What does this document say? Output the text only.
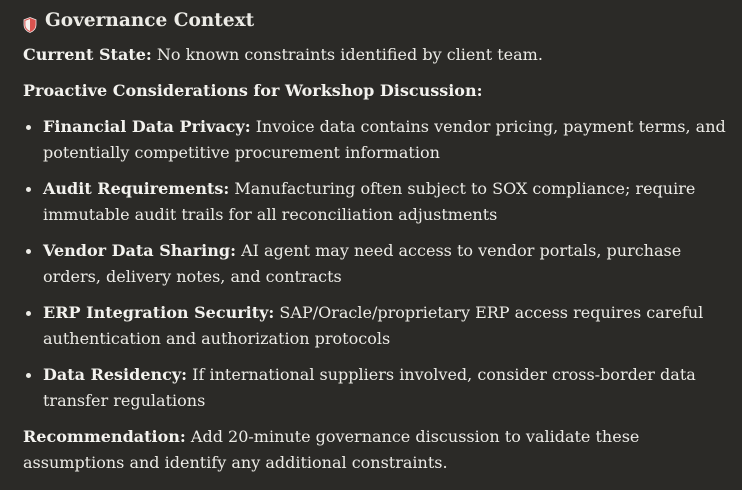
Governance Context

Current State: No known constraints identified by client team.

Proactive Considerations for Workshop Discussion:

Financial Data Privacy: Invoice data contains vendor pricing, payment terms, and potentially competitive procurement information
Audit Requirements: Manufacturing often subject to SOX compliance; require immutable audit trails for all reconciliation adjustments
Vendor Data Sharing: AI agent may need access to vendor portals, purchase orders, delivery notes, and contracts
ERP Integration Security: SAP/Oracle/proprietary ERP access requires careful authentication and authorization protocols
Data Residency: If international suppliers involved, consider cross-border data transfer regulations

Recommendation: Add 20-minute governance discussion to validate these assumptions and identify any additional constraints.
